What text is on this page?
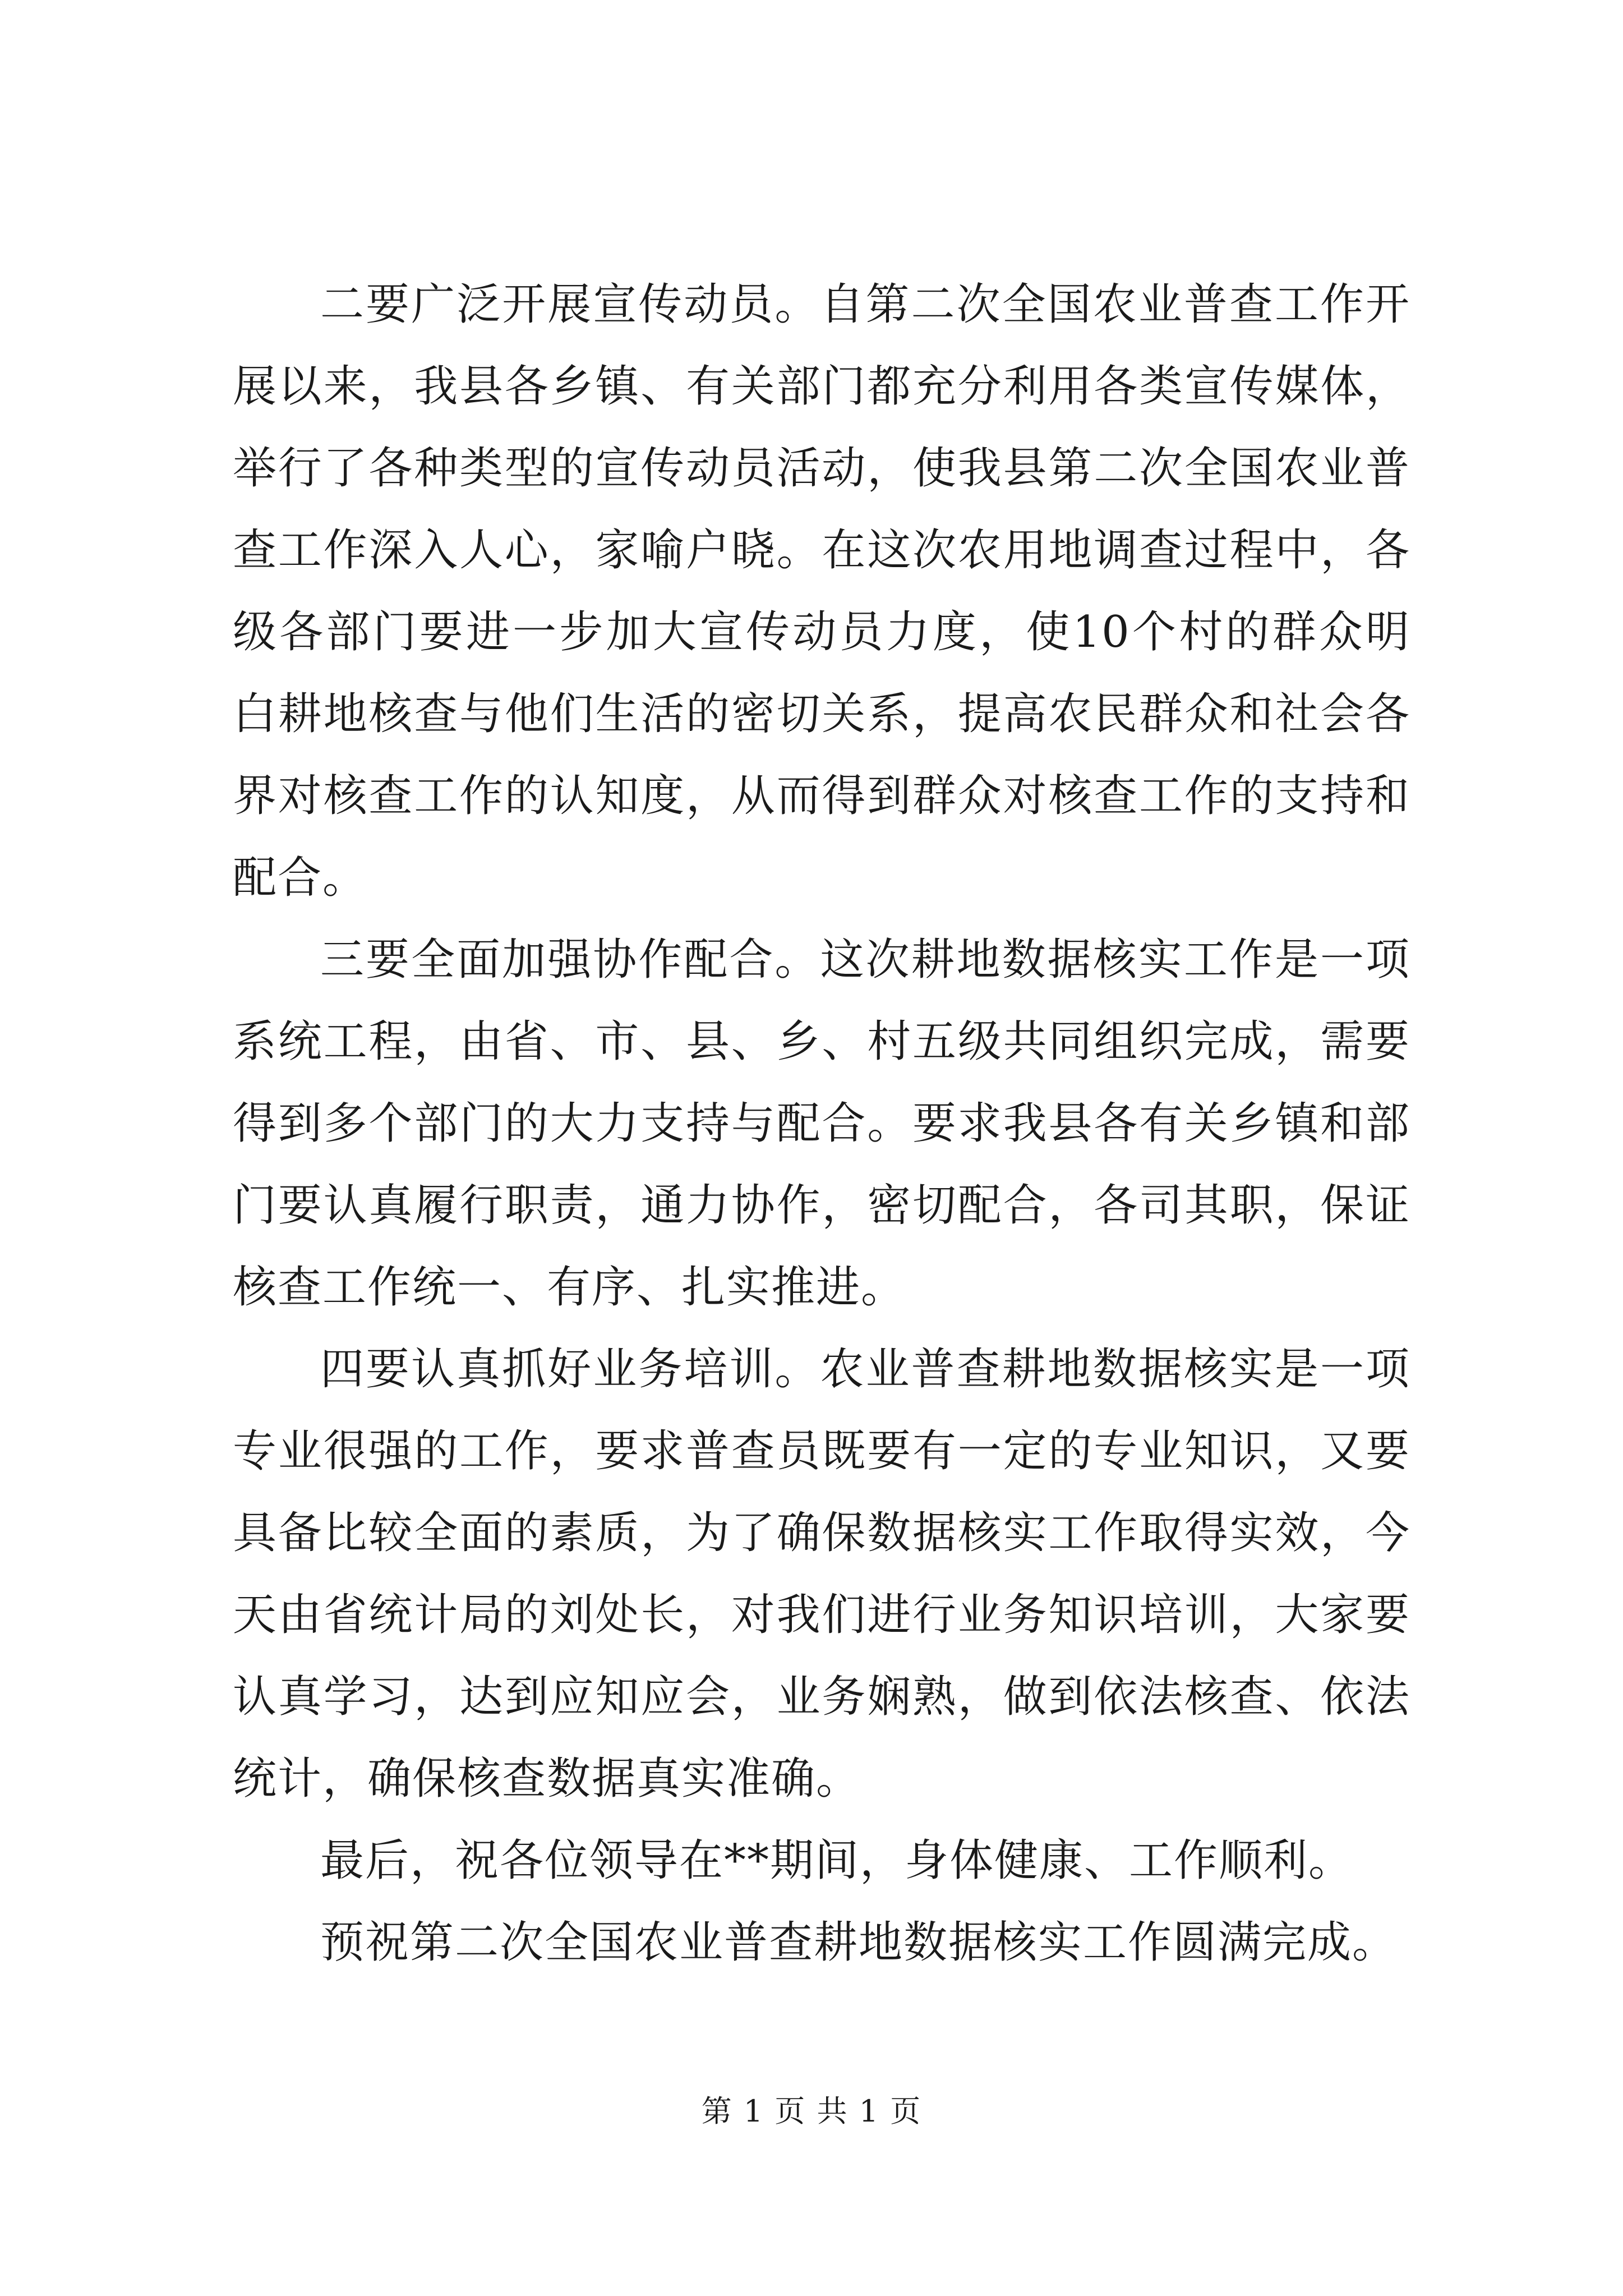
二要广泛开展宣传动员。自第二次全国农业普查工作开展以来，我县各乡镇、有关部门都充分利用各类宣传媒体，举行了各种类型的宣传动员活动，使我县第二次全国农业普查工作深入人心，家喻户晓。在这次农用地调查过程中，各级各部门要进一步加大宣传动员力度，使10个村的群众明白耕地核查与他们生活的密切关系，提高农民群众和社会各界对核查工作的认知度，从而得到群众对核查工作的支持和配合。

三要全面加强协作配合。这次耕地数据核实工作是一项系统工程，由省、市、县、乡、村五级共同组织完成，需要得到多个部门的大力支持与配合。要求我县各有关乡镇和部门要认真履行职责，通力协作，密切配合，各司其职，保证核查工作统一、有序、扎实推进。

四要认真抓好业务培训。农业普查耕地数据核实是一项专业很强的工作，要求普查员既要有一定的专业知识，又要具备比较全面的素质，为了确保数据核实工作取得实效，今天由省统计局的刘处长，对我们进行业务知识培训，大家要认真学习，达到应知应会，业务娴熟，做到依法核查、依法统计，确保核查数据真实准确。

最后，祝各位领导在**期间，身体健康、工作顺利。

预祝第二次全国农业普查耕地数据核实工作圆满完成。

第 1 页 共 1 页
